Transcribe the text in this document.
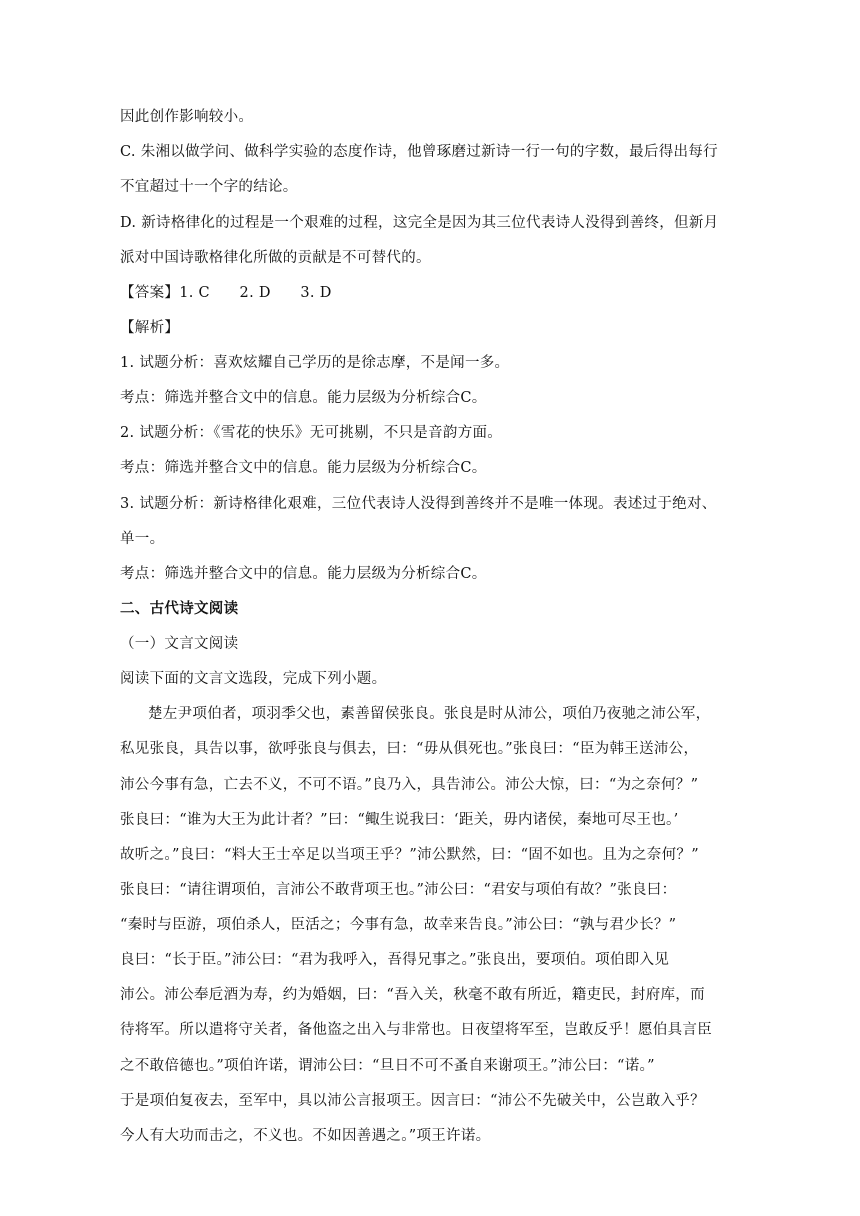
因此创作影响较小。
C. 朱湘以做学问、做科学实验的态度作诗，他曾琢磨过新诗一行一句的字数，最后得出每行
不宜超过十一个字的结论。
D. 新诗格律化的过程是一个艰难的过程，这完全是因为其三位代表诗人没得到善终，但新月
派对中国诗歌格律化所做的贡献是不可替代的。
【答案】1. C　　2. D　　3. D
【解析】
1. 试题分析：喜欢炫耀自己学历的是徐志摩，不是闻一多。
考点：筛选并整合文中的信息。能力层级为分析综合C。
2. 试题分析：《雪花的快乐》无可挑剔，不只是音韵方面。
考点：筛选并整合文中的信息。能力层级为分析综合C。
3. 试题分析：新诗格律化艰难，三位代表诗人没得到善终并不是唯一体现。表述过于绝对、
单一。
考点：筛选并整合文中的信息。能力层级为分析综合C。
二、古代诗文阅读
（一）文言文阅读
阅读下面的文言文选段，完成下列小题。
楚左尹项伯者，项羽季父也，素善留侯张良。张良是时从沛公，项伯乃夜驰之沛公军，
私见张良，具告以事，欲呼张良与俱去，曰：“毋从俱死也。”张良曰：“臣为韩王送沛公，
沛公今事有急，亡去不义，不可不语。”良乃入，具告沛公。沛公大惊，曰：“为之奈何？”
张良曰：“谁为大王为此计者？”曰：“鲰生说我曰：‘距关，毋内诸侯，秦地可尽王也。’
故听之。”良曰：“料大王士卒足以当项王乎？”沛公默然，曰：“固不如也。且为之奈何？”
张良曰：“请往谓项伯，言沛公不敢背项王也。”沛公曰：“君安与项伯有故？”张良曰：
“秦时与臣游，项伯杀人，臣活之；今事有急，故幸来告良。”沛公曰：“孰与君少长？”
良曰：“长于臣。”沛公曰：“君为我呼入，吾得兄事之。”张良出，要项伯。项伯即入见
沛公。沛公奉卮酒为寿，约为婚姻，曰：“吾入关，秋毫不敢有所近，籍吏民，封府库，而
待将军。所以遣将守关者，备他盗之出入与非常也。日夜望将军至，岂敢反乎！愿伯具言臣
之不敢倍德也。”项伯许诺，谓沛公曰：“旦日不可不蚤自来谢项王。”沛公曰：“诺。”
于是项伯复夜去，至军中，具以沛公言报项王。因言曰：“沛公不先破关中，公岂敢入乎？
今人有大功而击之，不义也。不如因善遇之。”项王许诺。
